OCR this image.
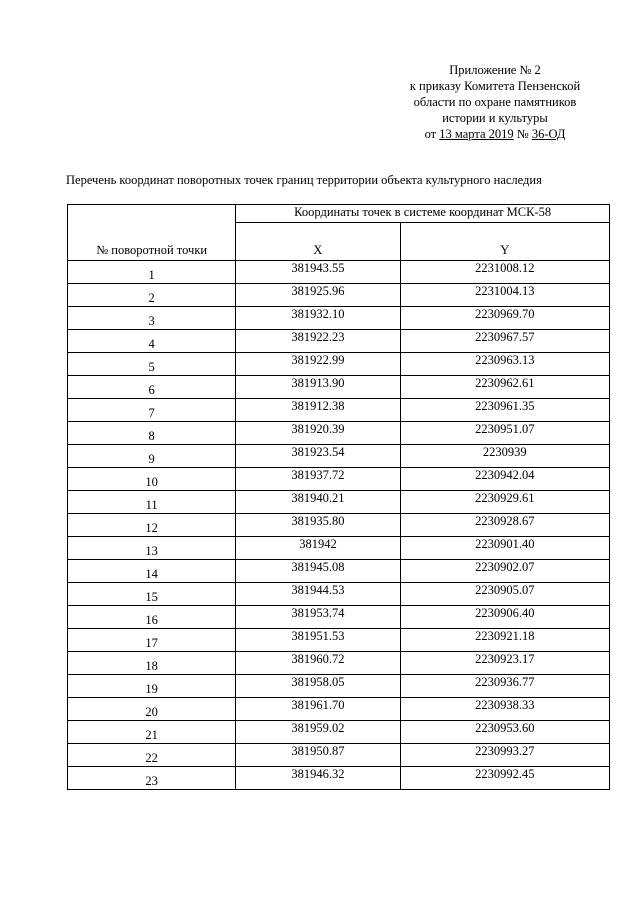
Приложение № 2
к приказу Комитета Пензенской
области по охране памятников
истории и культуры
от 13 марта 2019 № 36-ОД
Перечень координат поворотных точек границ территории объекта культурного наследия
№ поворотной точки	Координаты точек в системе координат МСК-58	
	X	Y
1	381943.55	2231008.12
2	381925.96	2231004.13
3	381932.10	2230969.70
4	381922.23	2230967.57
5	381922.99	2230963.13
6	381913.90	2230962.61
7	381912.38	2230961.35
8	381920.39	2230951.07
9	381923.54	2230939
10	381937.72	2230942.04
11	381940.21	2230929.61
12	381935.80	2230928.67
13	381942	2230901.40
14	381945.08	2230902.07
15	381944.53	2230905.07
16	381953.74	2230906.40
17	381951.53	2230921.18
18	381960.72	2230923.17
19	381958.05	2230936.77
20	381961.70	2230938.33
21	381959.02	2230953.60
22	381950.87	2230993.27
23	381946.32	2230992.45
